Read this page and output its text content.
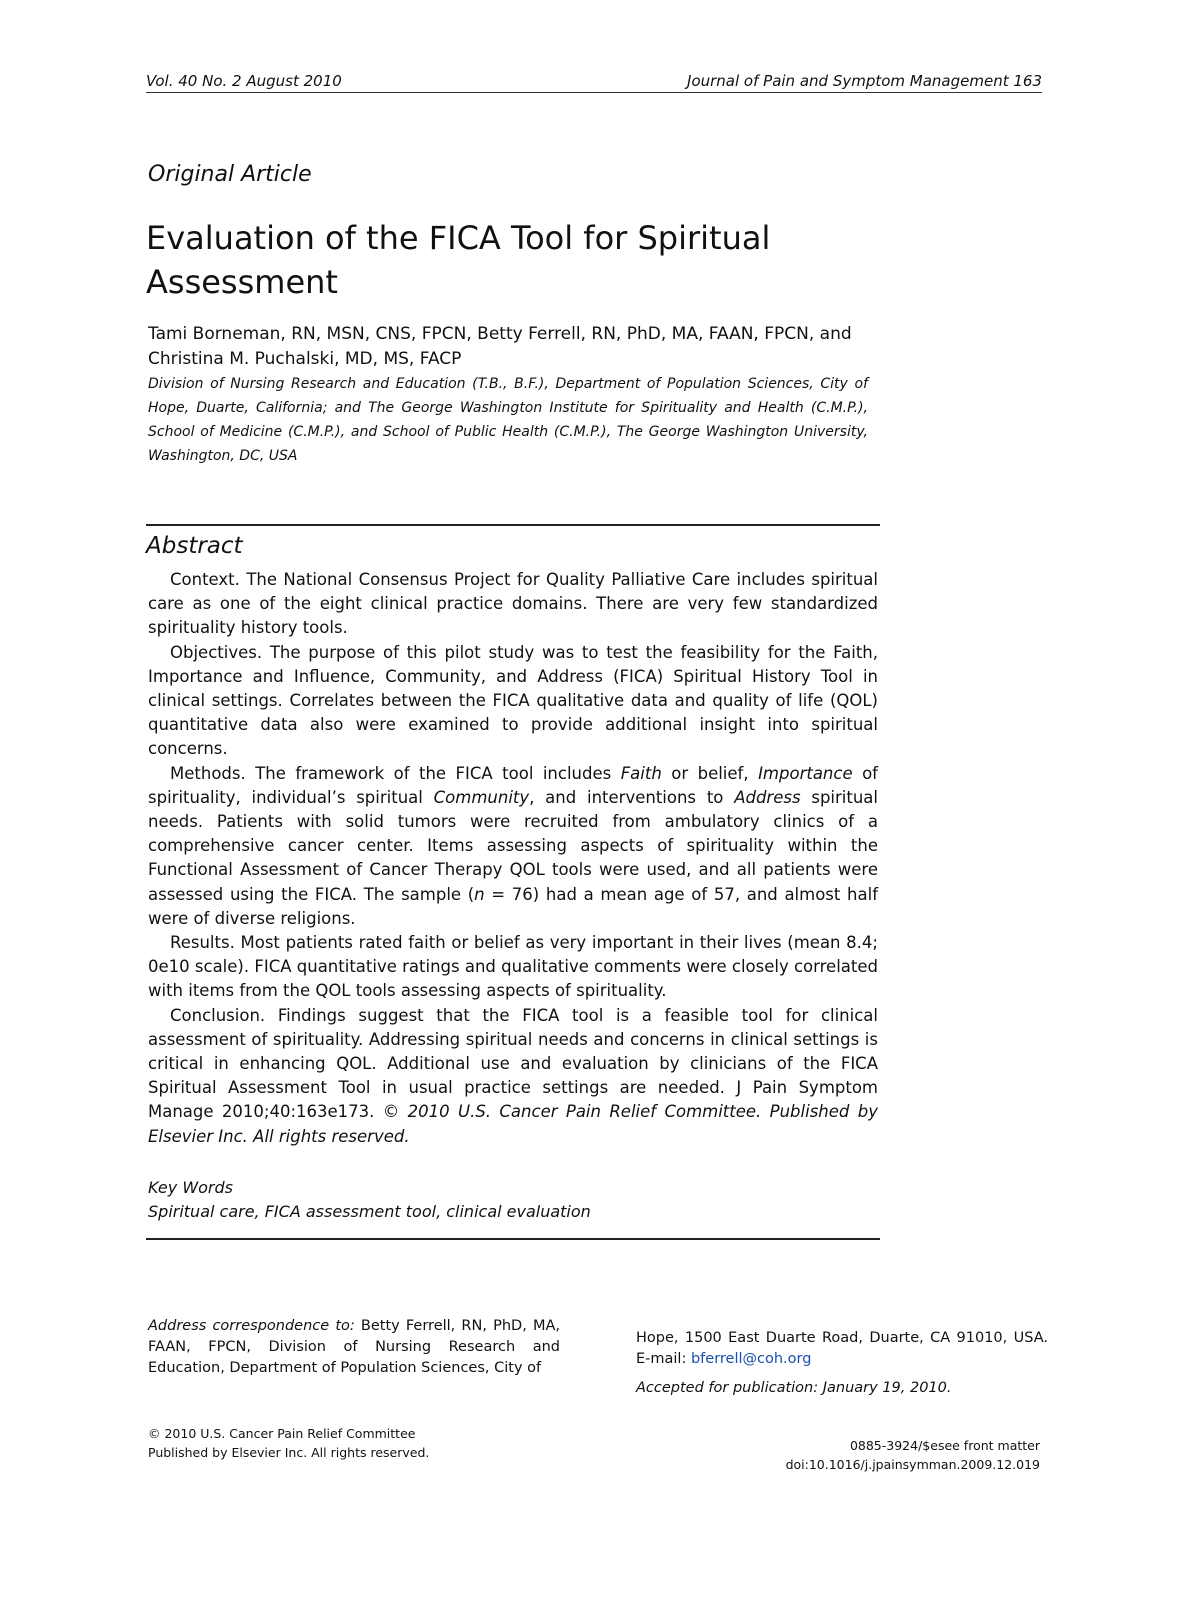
Vol. 40 No. 2 August 2010	Journal of Pain and Symptom Management 163
Original Article
Evaluation of the FICA Tool for Spiritual Assessment
Tami Borneman, RN, MSN, CNS, FPCN, Betty Ferrell, RN, PhD, MA, FAAN, FPCN, and Christina M. Puchalski, MD, MS, FACP
Division of Nursing Research and Education (T.B., B.F.), Department of Population Sciences, City of Hope, Duarte, California; and The George Washington Institute for Spirituality and Health (C.M.P.), School of Medicine (C.M.P.), and School of Public Health (C.M.P.), The George Washington University, Washington, DC, USA
Abstract

Context. The National Consensus Project for Quality Palliative Care includes spiritual care as one of the eight clinical practice domains. There are very few standardized spirituality history tools.

Objectives. The purpose of this pilot study was to test the feasibility for the Faith, Importance and Influence, Community, and Address (FICA) Spiritual History Tool in clinical settings. Correlates between the FICA qualitative data and quality of life (QOL) quantitative data also were examined to provide additional insight into spiritual concerns.

Methods. The framework of the FICA tool includes Faith or belief, Importance of spirituality, individual’s spiritual Community, and interventions to Address spiritual needs. Patients with solid tumors were recruited from ambulatory clinics of a comprehensive cancer center. Items assessing aspects of spirituality within the Functional Assessment of Cancer Therapy QOL tools were used, and all patients were assessed using the FICA. The sample (n = 76) had a mean age of 57, and almost half were of diverse religions.

Results. Most patients rated faith or belief as very important in their lives (mean 8.4; 0e10 scale). FICA quantitative ratings and qualitative comments were closely correlated with items from the QOL tools assessing aspects of spirituality.

Conclusion. Findings suggest that the FICA tool is a feasible tool for clinical assessment of spirituality. Addressing spiritual needs and concerns in clinical settings is critical in enhancing QOL. Additional use and evaluation by clinicians of the FICA Spiritual Assessment Tool in usual practice settings are needed. J Pain Symptom Manage 2010;40:163e173. © 2010 U.S. Cancer Pain Relief Committee. Published by Elsevier Inc. All rights reserved.

Key Words
Spiritual care, FICA assessment tool, clinical evaluation
Address correspondence to: Betty Ferrell, RN, PhD, MA, FAAN, FPCN, Division of Nursing Research and Education, Department of Population Sciences, City of
Hope, 1500 East Duarte Road, Duarte, CA 91010, USA. E-mail: bferrell@coh.org
Accepted for publication: January 19, 2010.
© 2010 U.S. Cancer Pain Relief Committee
Published by Elsevier Inc. All rights reserved.	0885-3924/$esee front matter
doi:10.1016/j.jpainsymman.2009.12.019
